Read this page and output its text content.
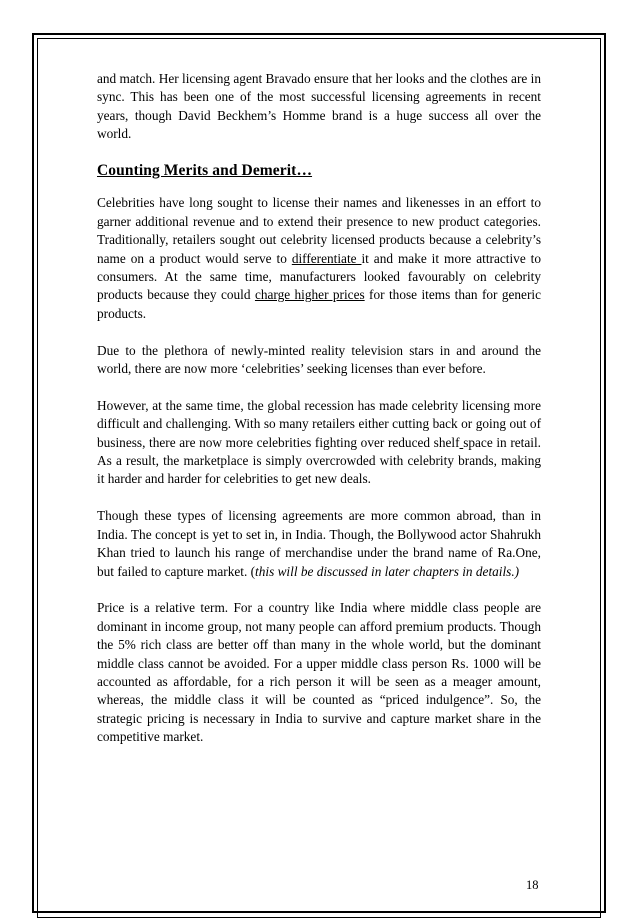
and match. Her licensing agent Bravado ensure that her looks and the clothes are in sync. This has been one of the most successful licensing agreements in recent years, though David Beckhem’s Homme brand is a huge success all over the world.

Counting Merits and Demerit…

Celebrities have long sought to license their names and likenesses in an effort to garner additional revenue and to extend their presence to new product categories. Traditionally, retailers sought out celebrity licensed products because a celebrity’s name on a product would serve to differentiate it and make it more attractive to consumers. At the same time, manufacturers looked favourably on celebrity products because they could charge higher prices for those items than for generic products.

Due to the plethora of newly-minted reality television stars in and around the world, there are now more ‘celebrities’ seeking licenses than ever before.

However, at the same time, the global recession has made celebrity licensing more difficult and challenging. With so many retailers either cutting back or going out of business, there are now more celebrities fighting over reduced shelf space in retail. As a result, the marketplace is simply overcrowded with celebrity brands, making it harder and harder for celebrities to get new deals.

Though these types of licensing agreements are more common abroad, than in India. The concept is yet to set in, in India. Though, the Bollywood actor Shahrukh Khan tried to launch his range of merchandise under the brand name of Ra.One, but failed to capture market. (this will be discussed in later chapters in details.)

Price is a relative term. For a country like India where middle class people are dominant in income group, not many people can afford premium products. Though the 5% rich class are better off than many in the whole world, but the dominant middle class cannot be avoided. For a upper middle class person Rs. 1000 will be accounted as affordable, for a rich person it will be seen as a meager amount, whereas, the middle class it will be counted as “priced indulgence”. So, the strategic pricing is necessary in India to survive and capture market share in the competitive market.

18
